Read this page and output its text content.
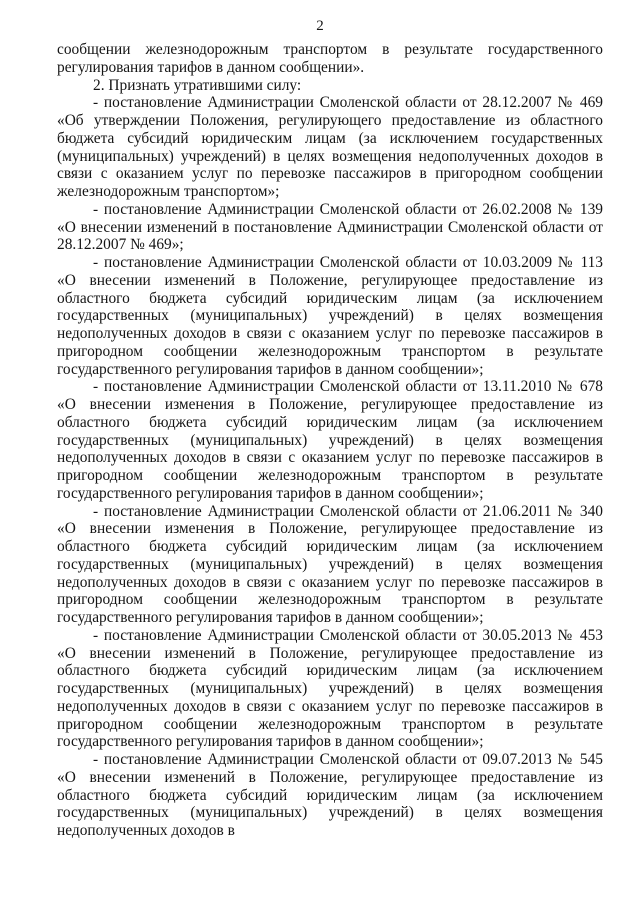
2

сообщении железнодорожным транспортом в результате государственного регулирования тарифов в данном сообщении».

2. Признать утратившими силу:

- постановление Администрации Смоленской области от 28.12.2007 № 469 «Об утверждении Положения, регулирующего предоставление из областного бюджета субсидий юридическим лицам (за исключением государственных (муниципальных) учреждений) в целях возмещения недополученных доходов в связи с оказанием услуг по перевозке пассажиров в пригородном сообщении железнодорожным транспортом»;

- постановление Администрации Смоленской области от 26.02.2008 № 139 «О внесении изменений в постановление Администрации Смоленской области от 28.12.2007 № 469»;

- постановление Администрации Смоленской области от 10.03.2009 № 113 «О внесении изменений в Положение, регулирующее предоставление из областного бюджета субсидий юридическим лицам (за исключением государственных (муниципальных) учреждений) в целях возмещения недополученных доходов в связи с оказанием услуг по перевозке пассажиров в пригородном сообщении железнодорожным транспортом в результате государственного регулирования тарифов в данном сообщении»;

- постановление Администрации Смоленской области от 13.11.2010 № 678 «О внесении изменения в Положение, регулирующее предоставление из областного бюджета субсидий юридическим лицам (за исключением государственных (муниципальных) учреждений) в целях возмещения недополученных доходов в связи с оказанием услуг по перевозке пассажиров в пригородном сообщении железнодорожным транспортом в результате государственного регулирования тарифов в данном сообщении»;

- постановление Администрации Смоленской области от 21.06.2011 № 340 «О внесении изменения в Положение, регулирующее предоставление из областного бюджета субсидий юридическим лицам (за исключением государственных (муниципальных) учреждений) в целях возмещения недополученных доходов в связи с оказанием услуг по перевозке пассажиров в пригородном сообщении железнодорожным транспортом в результате государственного регулирования тарифов в данном сообщении»;

- постановление Администрации Смоленской области от 30.05.2013 № 453 «О внесении изменений в Положение, регулирующее предоставление из областного бюджета субсидий юридическим лицам (за исключением государственных (муниципальных) учреждений) в целях возмещения недополученных доходов в связи с оказанием услуг по перевозке пассажиров в пригородном сообщении железнодорожным транспортом в результате государственного регулирования тарифов в данном сообщении»;

- постановление Администрации Смоленской области от 09.07.2013 № 545 «О внесении изменений в Положение, регулирующее предоставление из областного бюджета субсидий юридическим лицам (за исключением государственных (муниципальных) учреждений) в целях возмещения недополученных доходов в
